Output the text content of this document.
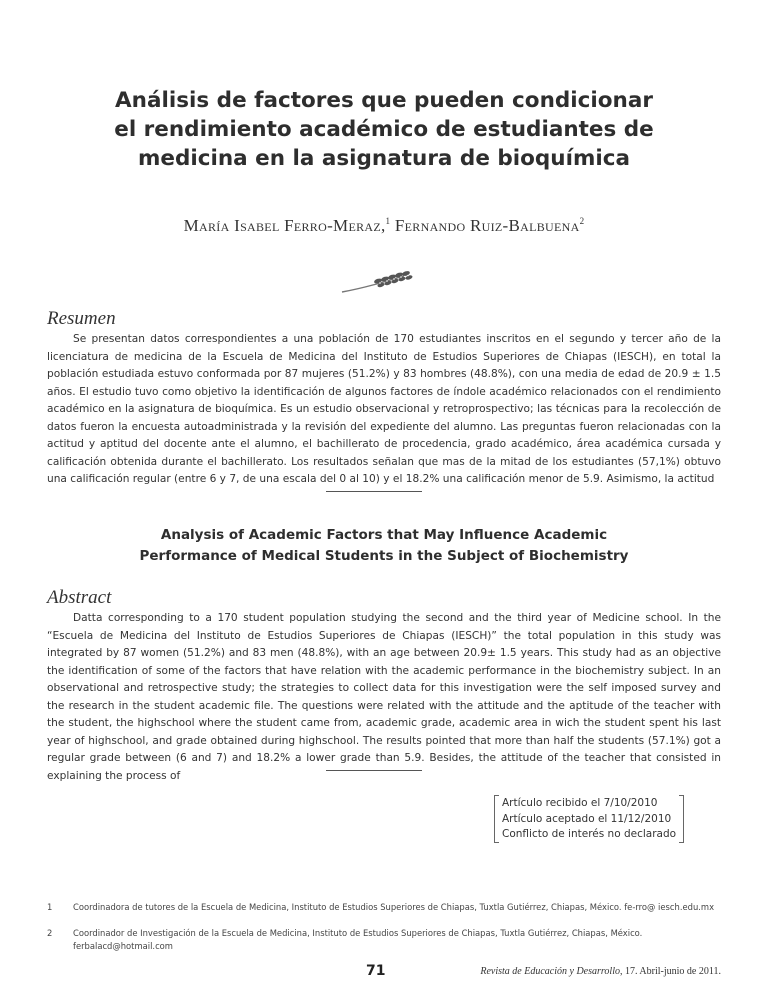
Análisis de factores que pueden condicionar
el rendimiento académico de estudiantes de
medicina en la asignatura de bioquímica
María Isabel Ferro-Meraz,$^1$ Fernando Ruiz-Balbuena$^2$
Resumen

Se presentan datos correspondientes a una población de 170 estudiantes inscritos en el segundo y tercer año de la licenciatura de medicina de la Escuela de Medicina del Instituto de Estudios Superiores de Chiapas (IESCH), en total la población estudiada estuvo conformada por 87 mujeres (51.2%) y 83 hombres (48.8%), con una media de edad de 20.9 ± 1.5 años. El estudio tuvo como objetivo la identificación de algunos factores de índole académico relacionados con el rendimiento académico en la asignatura de bioquímica. Es un estudio observacional y retroprospectivo; las técnicas para la recolección de datos fueron la encuesta autoadministrada y la revisión del expediente del alumno. Las preguntas fueron relacionadas con la actitud y aptitud del docente ante el alumno, el bachillerato de procedencia, grado académico, área académica cursada y calificación obtenida durante el bachillerato. Los resultados señalan que mas de la mitad de los estudiantes (57,1%) obtuvo una calificación regular (entre 6 y 7, de una escala del 0 al 10) y el 18.2% una calificación menor de 5.9. Asimismo, la actitud

Analysis of Academic Factors that May Influence Academic
Performance of Medical Students in the Subject of Biochemistry
Abstract

Datta corresponding to a 170 student population studying the second and the third year of Medicine school. In the “Escuela de Medicina del Instituto de Estudios Superiores de Chiapas (IESCH)” the total population in this study was integrated by 87 women (51.2%) and 83 men (48.8%), with an age between 20.9± 1.5 years. This study had as an objective the identification of some of the factors that have relation with the academic performance in the biochemistry subject. In an observational and retrospective study; the strategies to collect data for this investigation were the self imposed survey and the research in the student academic file. The questions were related with the attitude and the aptitude of the teacher with the student, the highschool where the student came from, academic grade, academic area in wich the student spent his last year of highschool, and grade obtained during highschool. The results pointed that more than half the students (57.1%) got a regular grade between (6 and 7) and 18.2% a lower grade than 5.9. Besides, the attitude of the teacher that consisted in explaining the process of

Artículo recibido el 7/10/2010
Artículo aceptado el 11/12/2010
Conflicto de interés no declarado
1 Coordinadora de tutores de la Escuela de Medicina, Instituto de Estudios Superiores de Chiapas, Tuxtla Gutiérrez, Chiapas, México. fe-rro@ iesch.edu.mx
2 Coordinador de Investigación de la Escuela de Medicina, Instituto de Estudios Superiores de Chiapas, Tuxtla Gutiérrez, Chiapas, México. ferbalacd@hotmail.com
71	Revista de Educación y Desarrollo, 17. Abril-junio de 2011.
